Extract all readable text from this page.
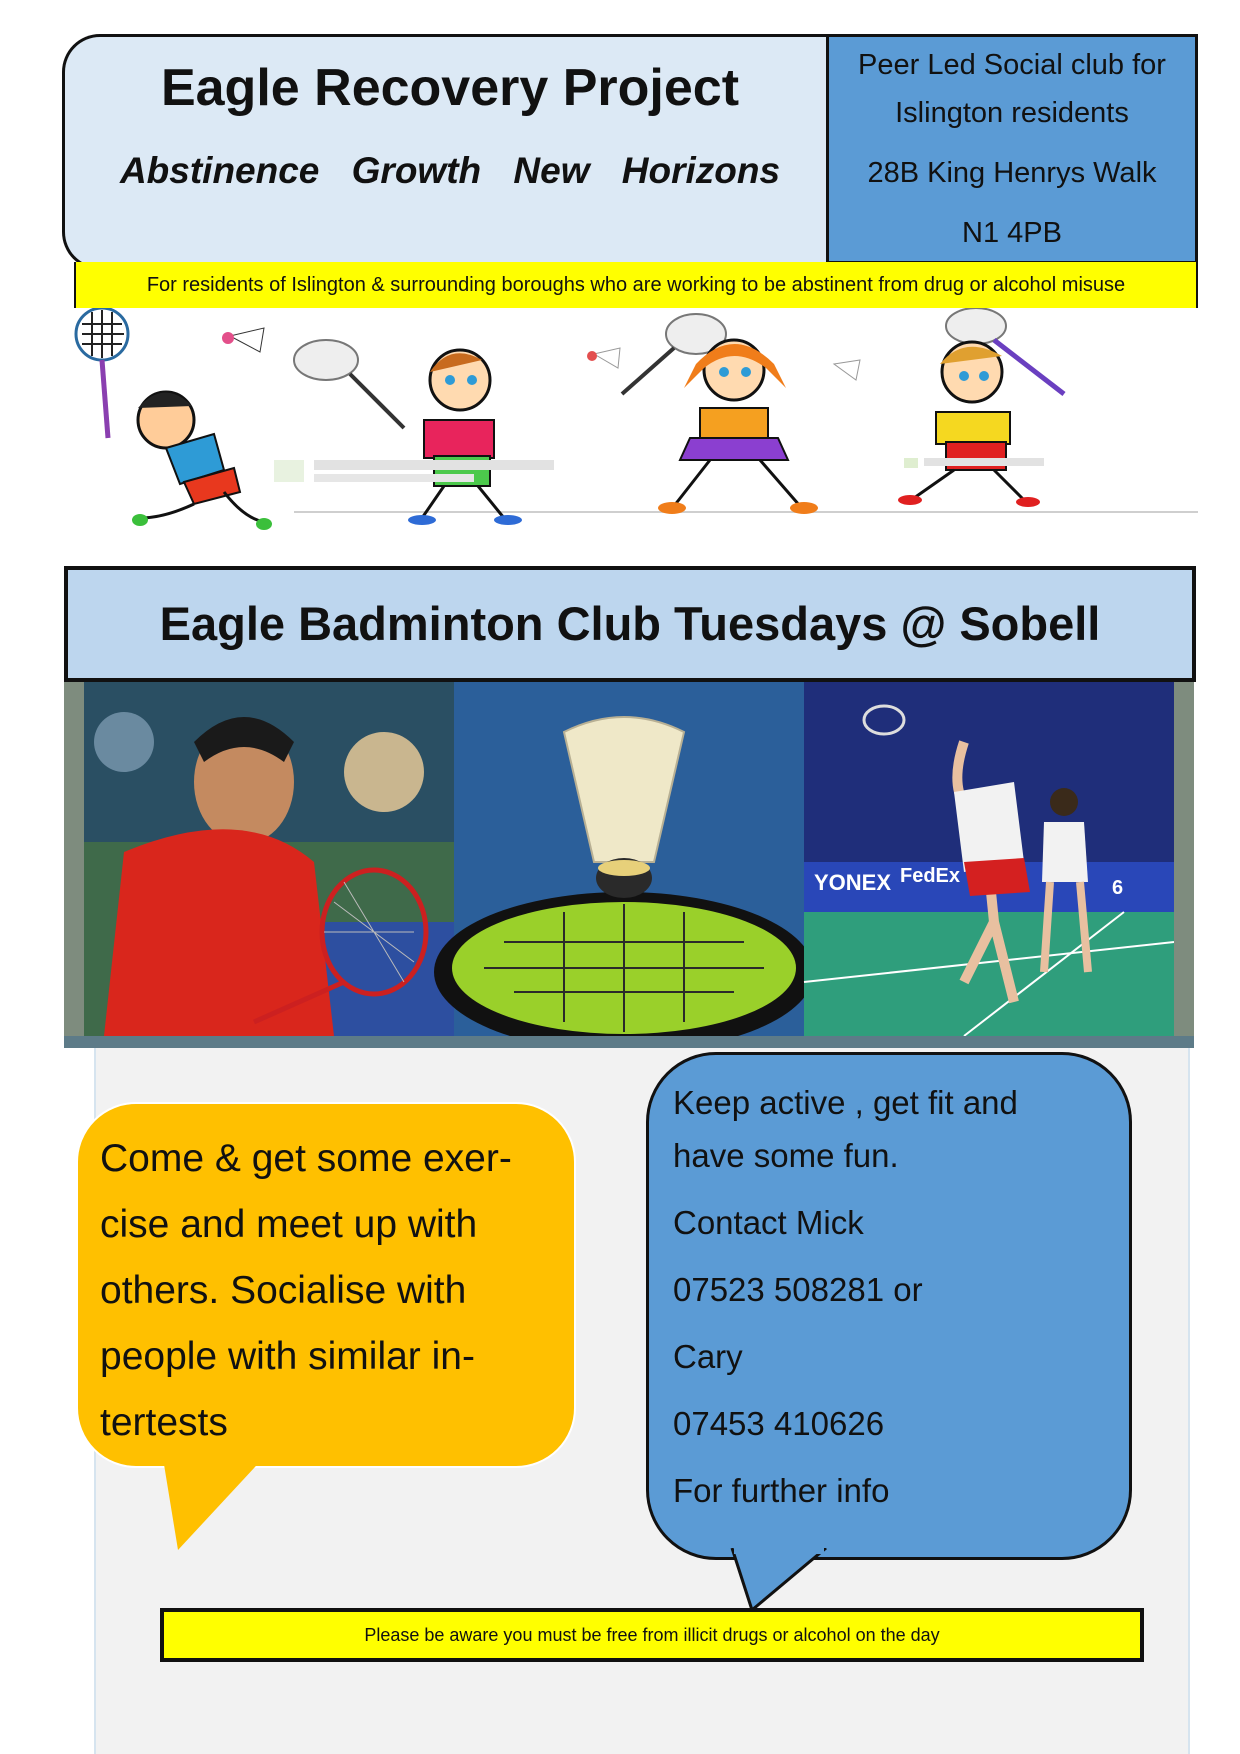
Eagle Recovery Project
Abstinence Growth New Horizons
Peer Led Social club for
Islington residents
28B King Henrys Walk
N1 4PB
For residents of Islington & surrounding boroughs who are working to be abstinent from drug or alcohol misuse
Eagle Badminton Club Tuesdays @ Sobell
YONEX FedEx
6
Come & get some exer-
cise and meet up with
others. Socialise with
people with similar in-
tertests
Keep active , get fit and
have some fun.
Contact Mick
07523 508281 or
Cary
07453 410626
For further info
Please be aware you must be free from illicit drugs or alcohol on the day
